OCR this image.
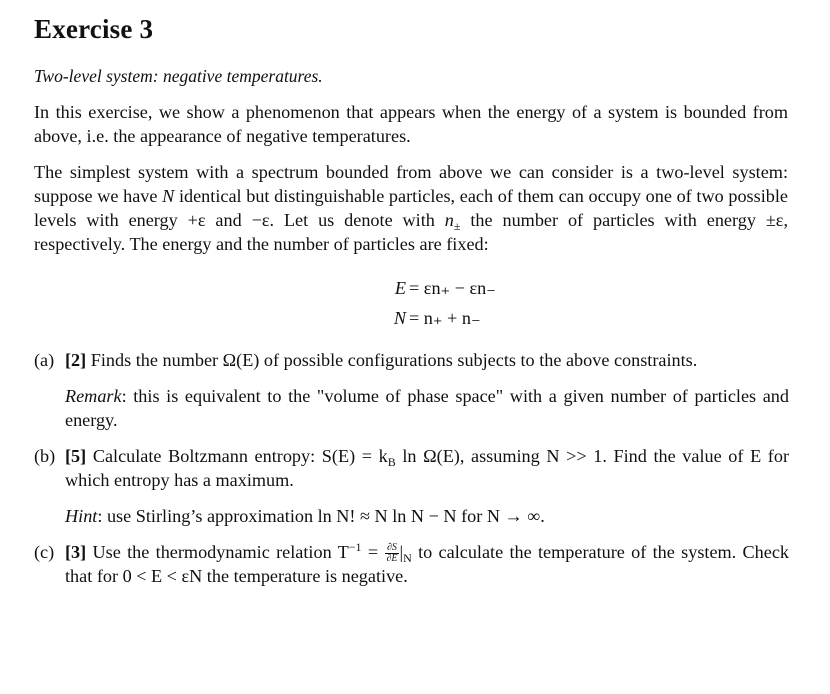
Exercise 3

Two-level system: negative temperatures.

In this exercise, we show a phenomenon that appears when the energy of a system is bounded from above, i.e. the appearance of negative temperatures.

The simplest system with a spectrum bounded from above we can consider is a two-level system: suppose we have N identical but distinguishable particles, each of them can occupy one of two possible levels with energy +ε and −ε. Let us denote with $n_\pm$ the number of particles with energy ±ε, respectively. The energy and the number of particles are fixed:

E = εn₊ − εn₋
N = n₊ + n₋
(a) [2] Finds the number Ω(E) of possible configurations subjects to the above constraints.
Remark: this is equivalent to the "volume of phase space" with a given number of particles and energy.
(b) [5] Calculate Boltzmann entropy: $S(E) = k_B$ ln Ω(E), assuming N >> 1. Find the value of E for which entropy has a maximum.
Hint: use Stirling’s approximation ln N! ≈ N ln N − N for N → ∞.
(c) [3] Use the thermodynamic relation $T^{-1} = \frac{\partial S}{\partial E} |_N$ to calculate the temperature of the system. Check that for 0 < E < εN the temperature is negative.
